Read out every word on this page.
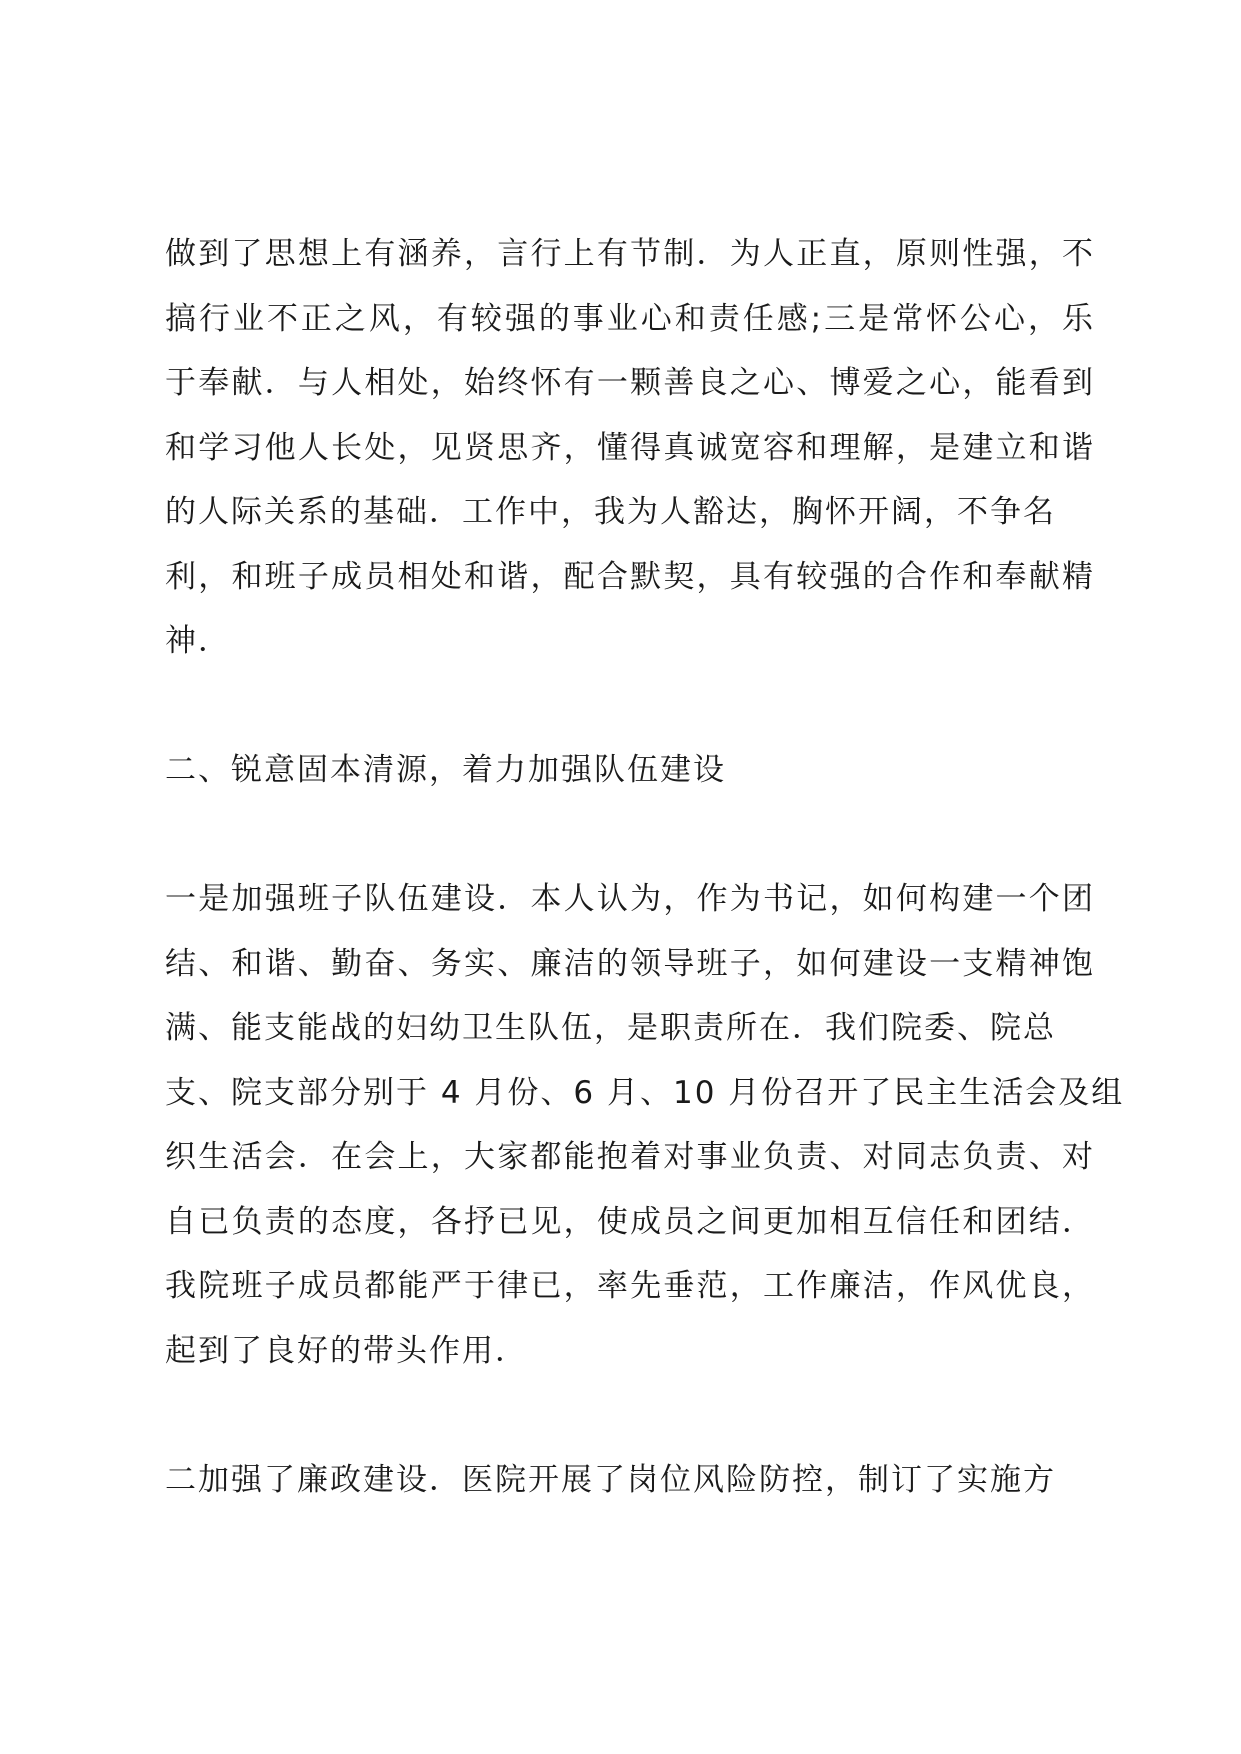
做到了思想上有涵养，言行上有节制．为人正直，原则性强，不
搞行业不正之风，有较强的事业心和责任感;三是常怀公心，乐
于奉献．与人相处，始终怀有一颗善良之心、博爱之心，能看到
和学习他人长处，见贤思齐，懂得真诚宽容和理解，是建立和谐
的人际关系的基础．工作中，我为人豁达，胸怀开阔，不争名
利，和班子成员相处和谐，配合默契，具有较强的合作和奉献精
神．
二、锐意固本清源，着力加强队伍建设
一是加强班子队伍建设．本人认为，作为书记，如何构建一个团
结、和谐、勤奋、务实、廉洁的领导班子，如何建设一支精神饱
满、能支能战的妇幼卫生队伍，是职责所在．我们院委、院总
支、院支部分别于 4 月份、6 月、10 月份召开了民主生活会及组
织生活会．在会上，大家都能抱着对事业负责、对同志负责、对
自已负责的态度，各抒已见，使成员之间更加相互信任和团结．
我院班子成员都能严于律已，率先垂范，工作廉洁，作风优良，
起到了良好的带头作用．
二加强了廉政建设．医院开展了岗位风险防控，制订了实施方
